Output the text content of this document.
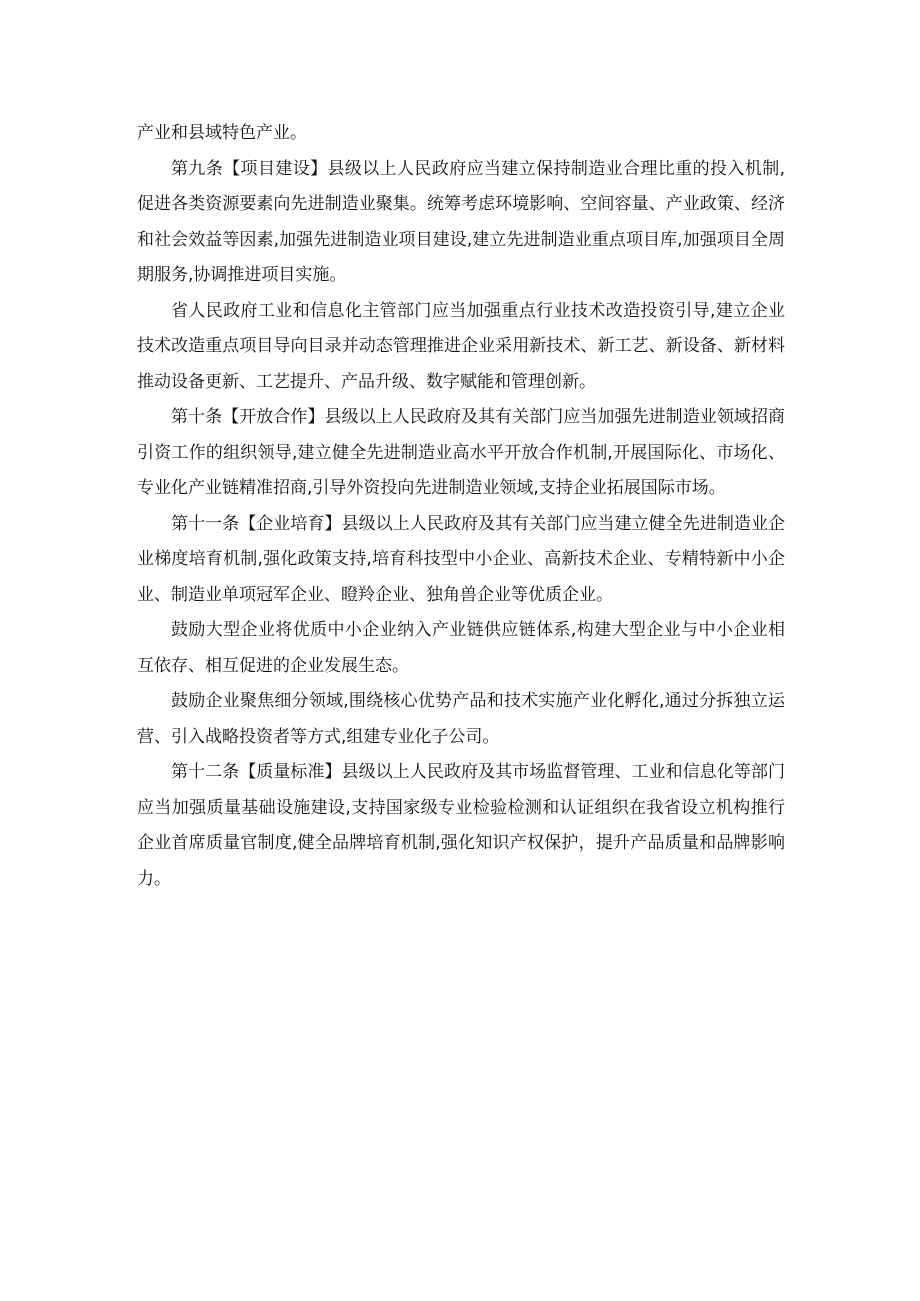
产业和县域特色产业。

第九条【项目建设】县级以上人民政府应当建立保持制造业合理比重的投入机制,促进各类资源要素向先进制造业聚集。统筹考虑环境影响、空间容量、产业政策、经济和社会效益等因素,加强先进制造业项目建设,建立先进制造业重点项目库,加强项目全周期服务,协调推进项目实施。

省人民政府工业和信息化主管部门应当加强重点行业技术改造投资引导,建立企业技术改造重点项目导向目录并动态管理推进企业采用新技术、新工艺、新设备、新材料推动设备更新、工艺提升、产品升级、数字赋能和管理创新。

第十条【开放合作】县级以上人民政府及其有关部门应当加强先进制造业领域招商引资工作的组织领导,建立健全先进制造业高水平开放合作机制,开展国际化、市场化、专业化产业链精准招商,引导外资投向先进制造业领域,支持企业拓展国际市场。

第十一条【企业培育】县级以上人民政府及其有关部门应当建立健全先进制造业企业梯度培育机制,强化政策支持,培育科技型中小企业、高新技术企业、专精特新中小企业、制造业单项冠军企业、瞪羚企业、独角兽企业等优质企业。

鼓励大型企业将优质中小企业纳入产业链供应链体系,构建大型企业与中小企业相互依存、相互促进的企业发展生态。

鼓励企业聚焦细分领域,围绕核心优势产品和技术实施产业化孵化,通过分拆独立运营、引入战略投资者等方式,组建专业化子公司。

第十二条【质量标准】县级以上人民政府及其市场监督管理、工业和信息化等部门应当加强质量基础设施建设,支持国家级专业检验检测和认证组织在我省设立机构推行企业首席质量官制度,健全品牌培育机制,强化知识产权保护，提升产品质量和品牌影响力。
